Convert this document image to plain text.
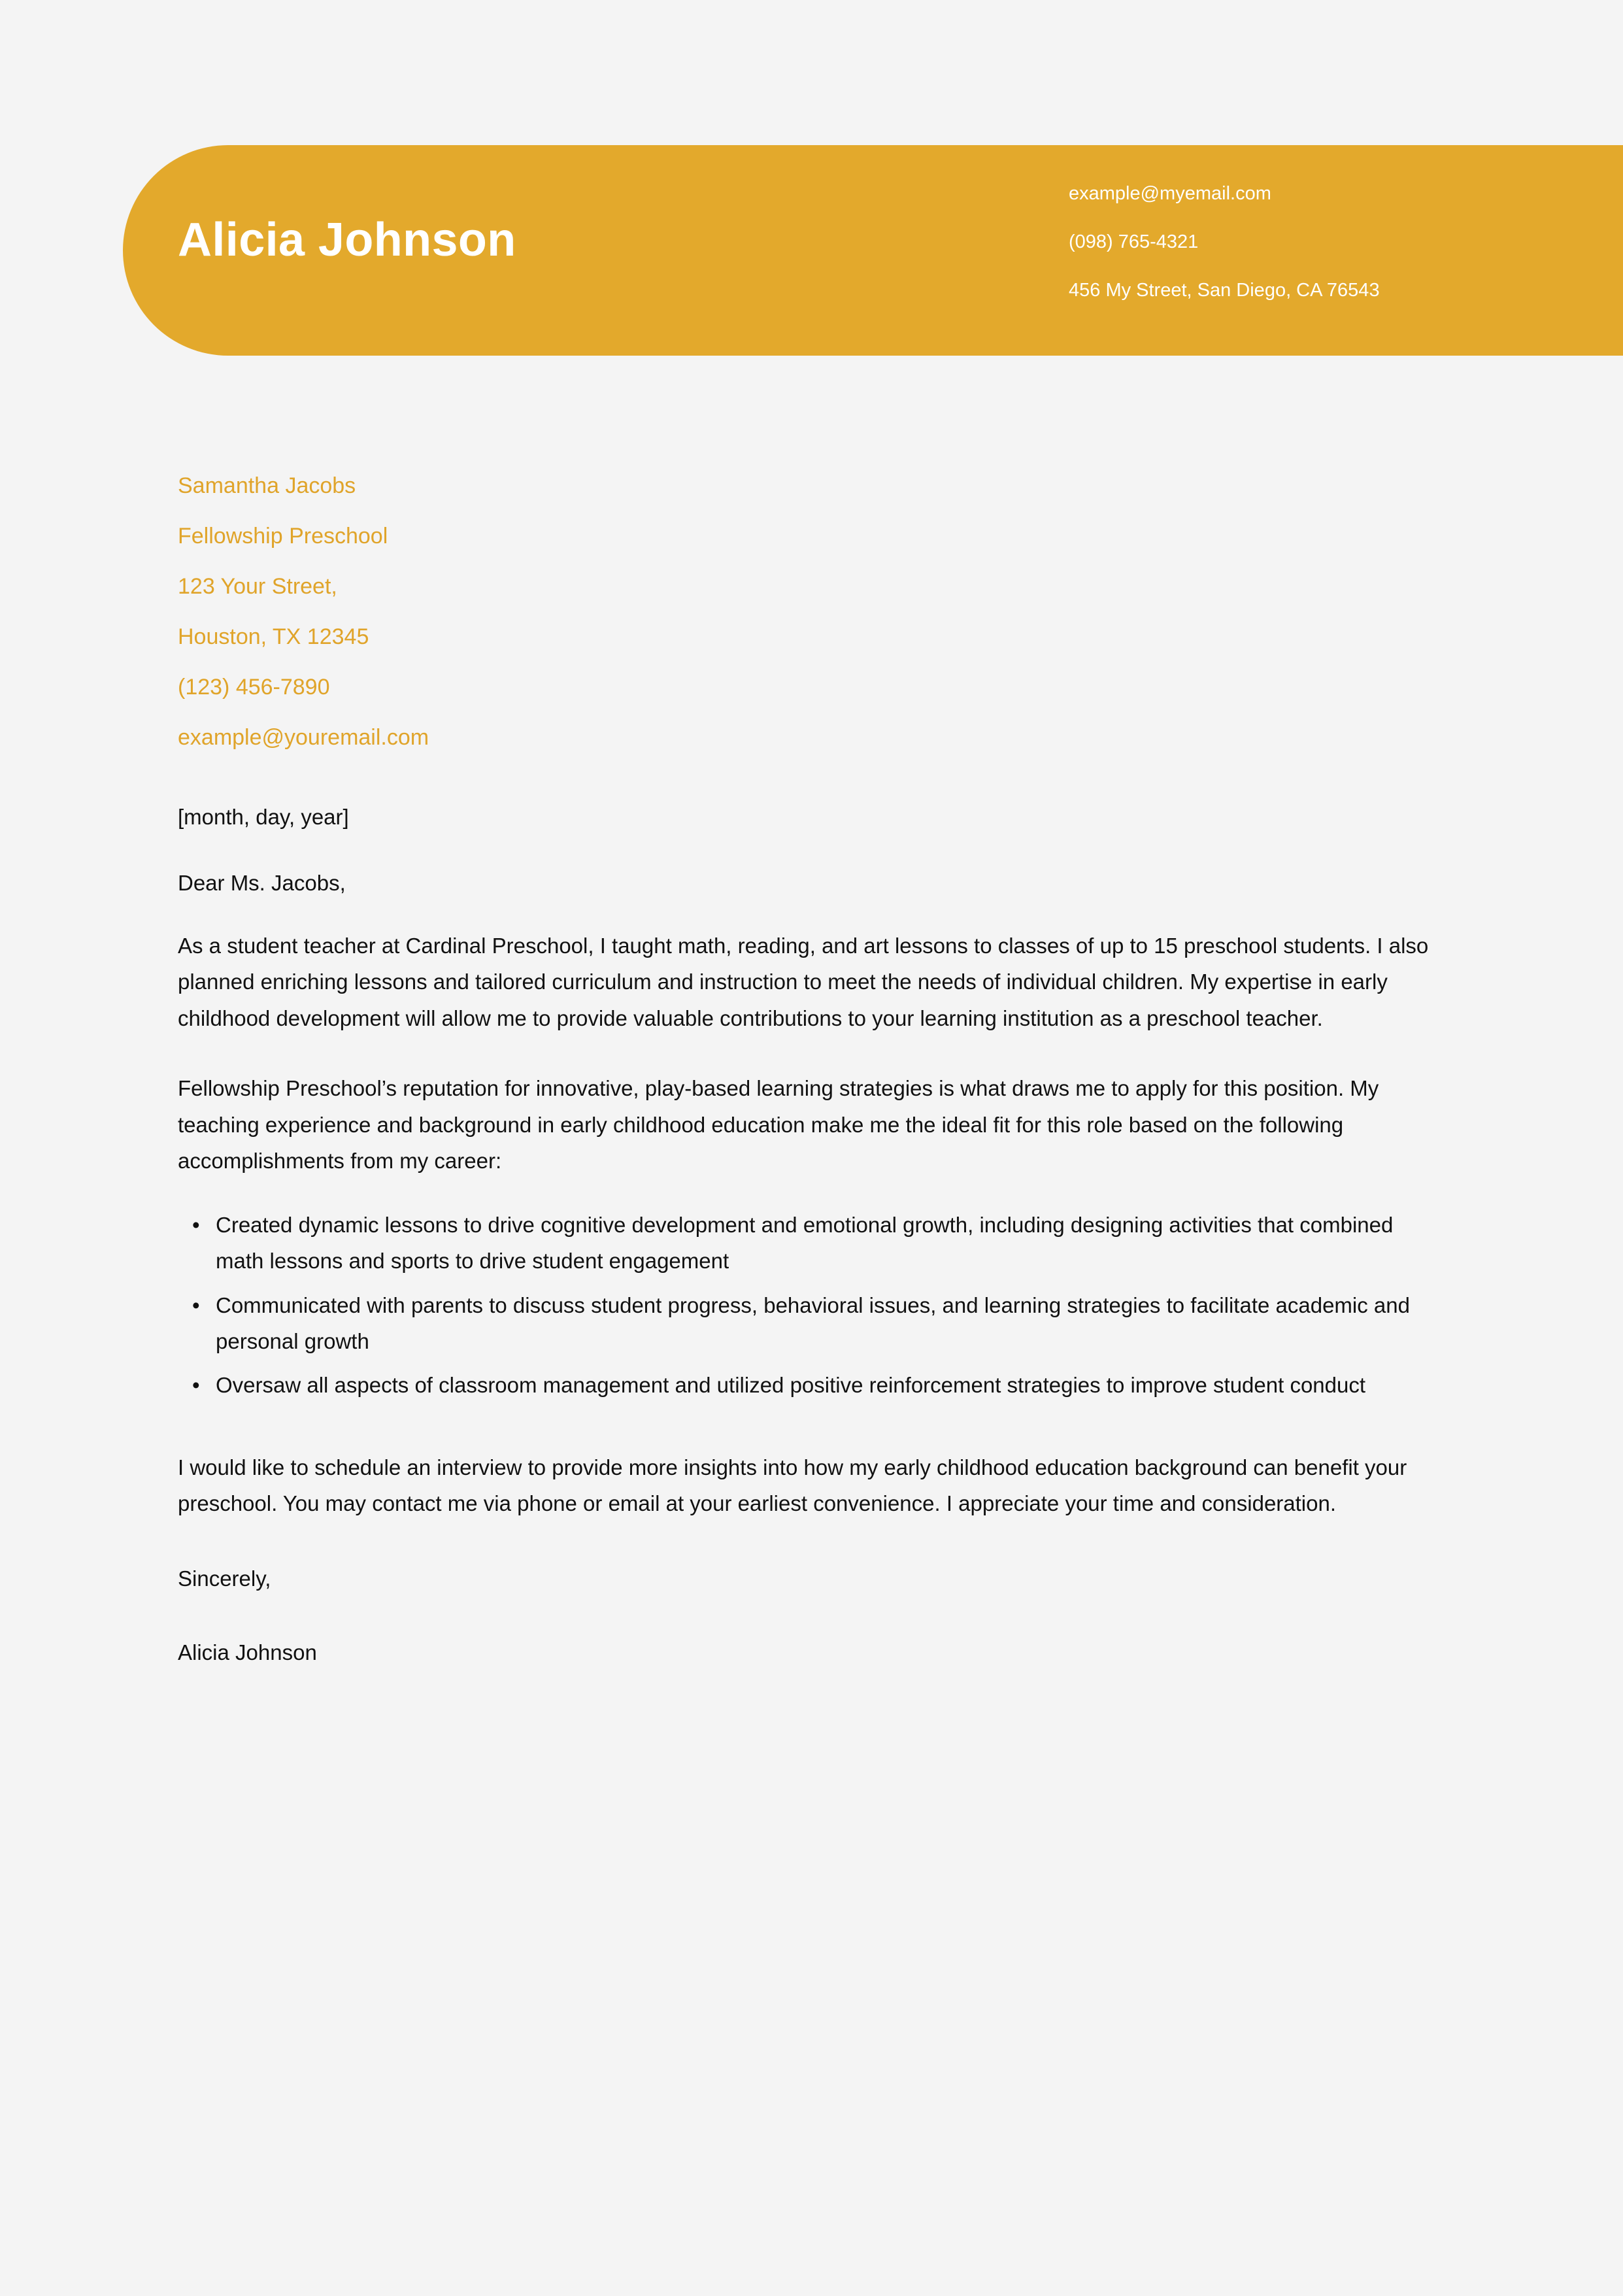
Alicia Johnson
example@myemail.com
(098) 765-4321
456 My Street, San Diego, CA 76543
Samantha Jacobs
Fellowship Preschool
123 Your Street,
Houston, TX 12345
(123) 456-7890
example@youremail.com
[month, day, year]
Dear Ms. Jacobs,
As a student teacher at Cardinal Preschool, I taught math, reading, and art lessons to classes of up to 15 preschool students. I also planned enriching lessons and tailored curriculum and instruction to meet the needs of individual children. My expertise in early childhood development will allow me to provide valuable contributions to your learning institution as a preschool teacher.
Fellowship Preschool’s reputation for innovative, play-based learning strategies is what draws me to apply for this position. My teaching experience and background in early childhood education make me the ideal fit for this role based on the following accomplishments from my career:
• Created dynamic lessons to drive cognitive development and emotional growth, including designing activities that combined math lessons and sports to drive student engagement
• Communicated with parents to discuss student progress, behavioral issues, and learning strategies to facilitate academic and personal growth
• Oversaw all aspects of classroom management and utilized positive reinforcement strategies to improve student conduct
I would like to schedule an interview to provide more insights into how my early childhood education background can benefit your preschool. You may contact me via phone or email at your earliest convenience. I appreciate your time and consideration.
Sincerely,
Alicia Johnson
